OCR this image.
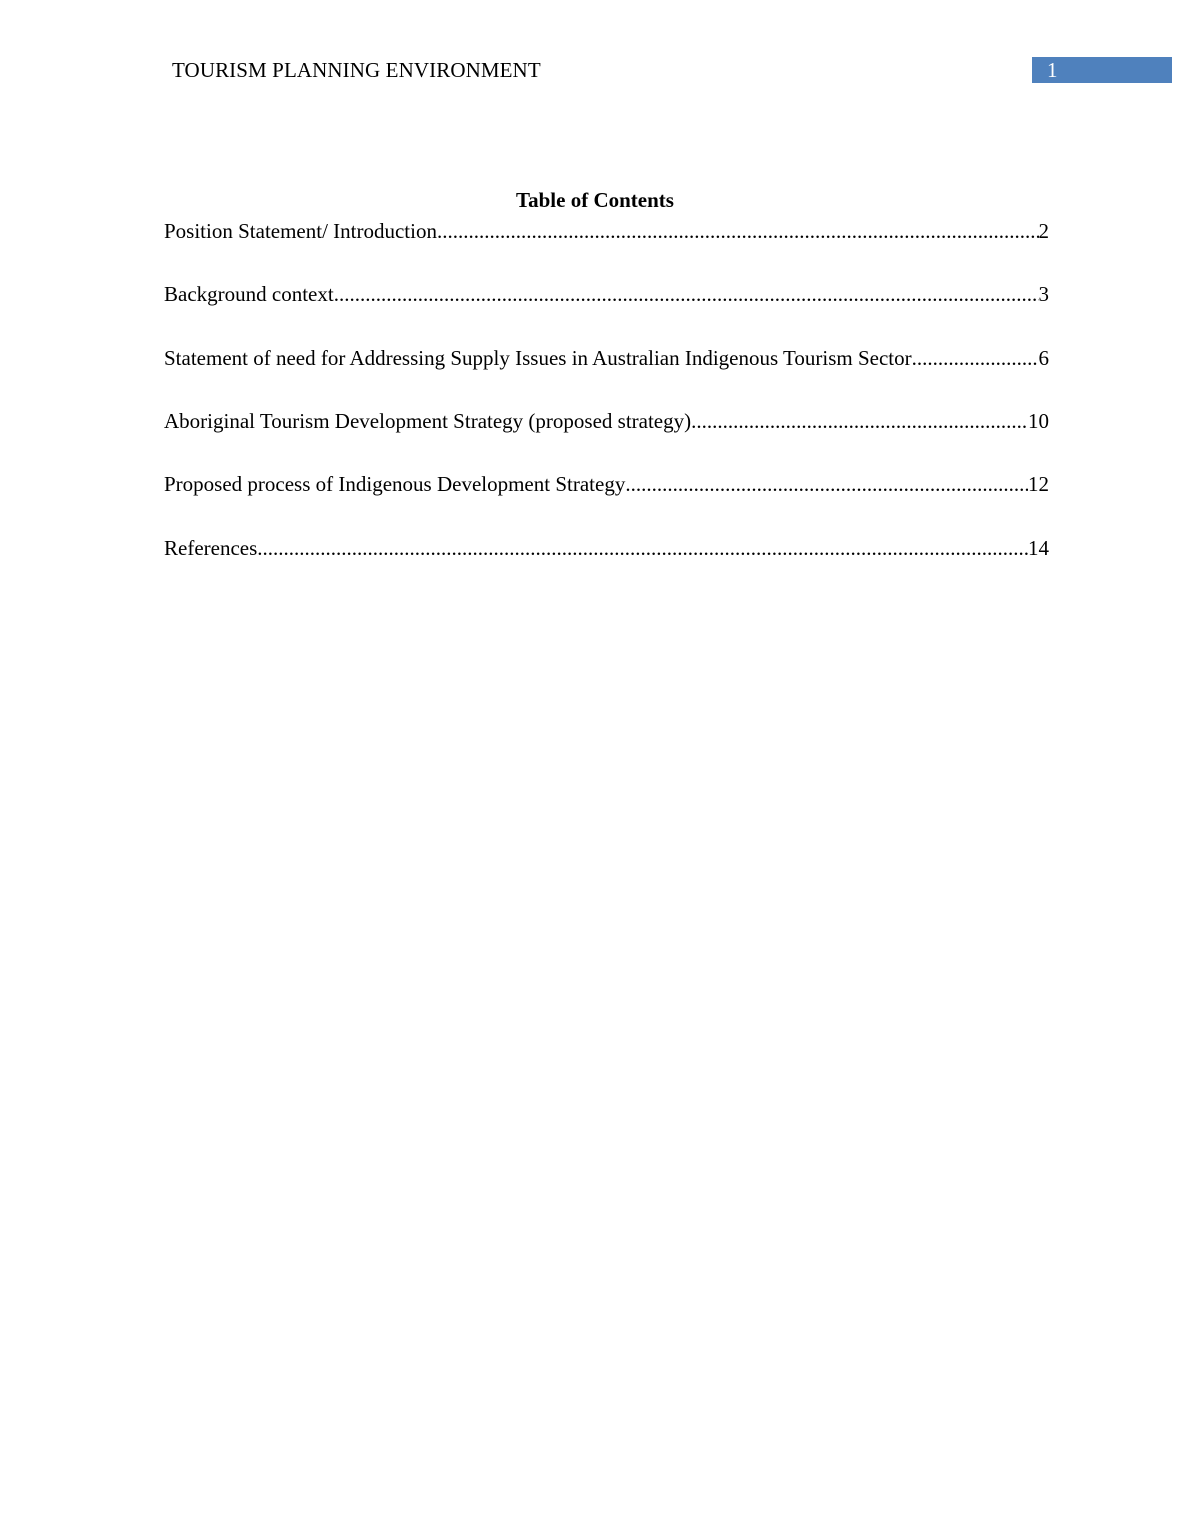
TOURISM PLANNING ENVIRONMENT	1
Table of Contents
Position Statement/ Introduction .....	2
Background context .....	3
Statement of need for Addressing Supply Issues in Australian Indigenous Tourism Sector .....	6
Aboriginal Tourism Development Strategy (proposed strategy) .....	10
Proposed process of Indigenous Development Strategy .....	12
References .....	14
